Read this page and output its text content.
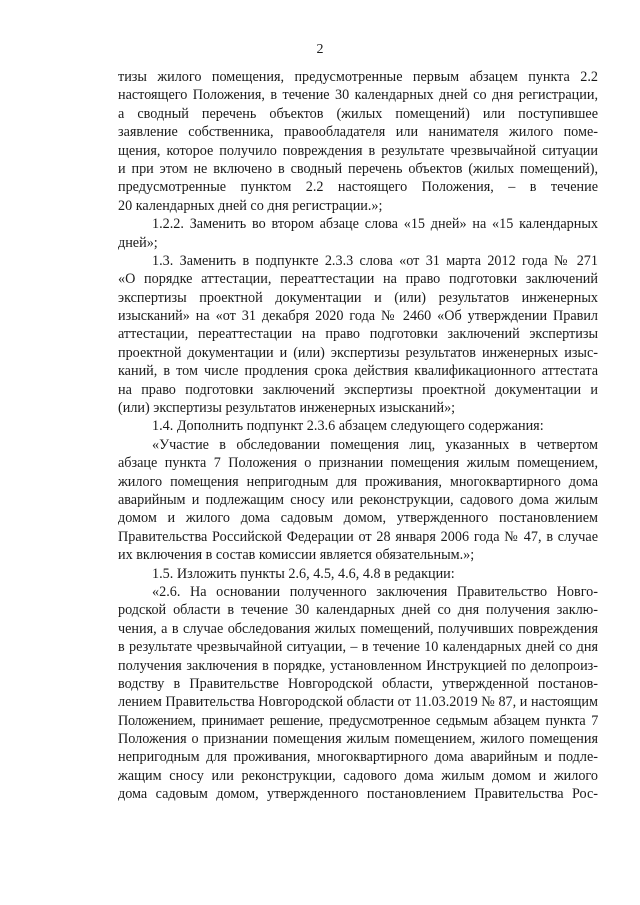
2
тизы жилого помещения, предусмотренные первым абзацем пункта 2.2
настоящего Положения, в течение 30 календарных дней со дня регистрации,
а сводный перечень объектов (жилых помещений) или поступившее
заявление собственника, правообладателя или нанимателя жилого поме-
щения, которое получило повреждения в результате чрезвычайной ситуации
и при этом не включено в сводный перечень объектов (жилых помещений),
предусмотренные пунктом 2.2 настоящего Положения, – в течение
20 календарных дней со дня регистрации.»;
1.2.2. Заменить во втором абзаце слова «15 дней» на «15 календарных
дней»;
1.3. Заменить в подпункте 2.3.3 слова «от 31 марта 2012 года № 271
«О порядке аттестации, переаттестации на право подготовки заключений
экспертизы проектной документации и (или) результатов инженерных
изысканий» на «от 31 декабря 2020 года № 2460 «Об утверждении Правил
аттестации, переаттестации на право подготовки заключений экспертизы
проектной документации и (или) экспертизы результатов инженерных изыс-
каний, в том числе продления срока действия квалификационного аттестата
на право подготовки заключений экспертизы проектной документации и
(или) экспертизы результатов инженерных изысканий»;
1.4. Дополнить подпункт 2.3.6 абзацем следующего содержания:
«Участие в обследовании помещения лиц, указанных в четвертом
абзаце пункта 7 Положения о признании помещения жилым помещением,
жилого помещения непригодным для проживания, многоквартирного дома
аварийным и подлежащим сносу или реконструкции, садового дома жилым
домом и жилого дома садовым домом, утвержденного постановлением
Правительства Российской Федерации от 28 января 2006 года № 47, в случае
их включения в состав комиссии является обязательным.»;
1.5. Изложить пункты 2.6, 4.5, 4.6, 4.8 в редакции:
«2.6. На основании полученного заключения Правительство Новго-
родской области в течение 30 календарных дней со дня получения заклю-
чения, а в случае обследования жилых помещений, получивших повреждения
в результате чрезвычайной ситуации, – в течение 10 календарных дней со дня
получения заключения в порядке, установленном Инструкцией по делопроиз-
водству в Правительстве Новгородской области, утвержденной постанов-
лением Правительства Новгородской области от 11.03.2019 № 87, и настоящим
Положением, принимает решение, предусмотренное седьмым абзацем пункта 7
Положения о признании помещения жилым помещением, жилого помещения
непригодным для проживания, многоквартирного дома аварийным и подле-
жащим сносу или реконструкции, садового дома жилым домом и жилого
дома садовым домом, утвержденного постановлением Правительства Рос-
